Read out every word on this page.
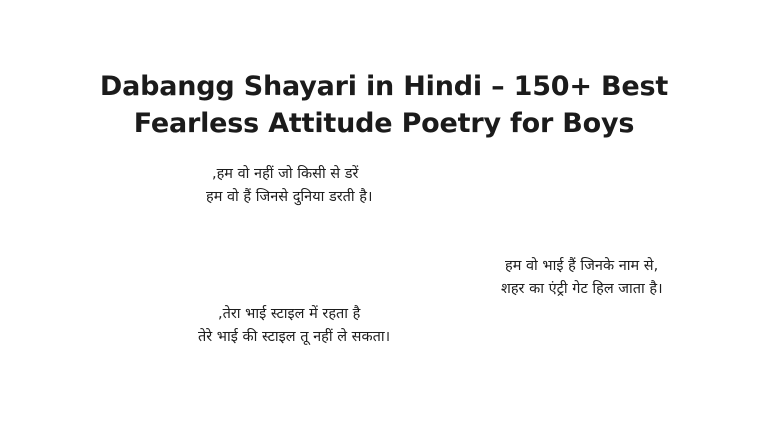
Dabangg Shayari in Hindi – 150+ Best Fearless Attitude Poetry for Boys
,हम वो नहीं जो किसी से डरें
हम वो हैं जिनसे दुनिया डरती है।
हम वो भाई हैं जिनके नाम से,
शहर का एंट्री गेट हिल जाता है।
,तेरा भाई स्टाइल में रहता है
तेरे भाई की स्टाइल तू नहीं ले सकता।
